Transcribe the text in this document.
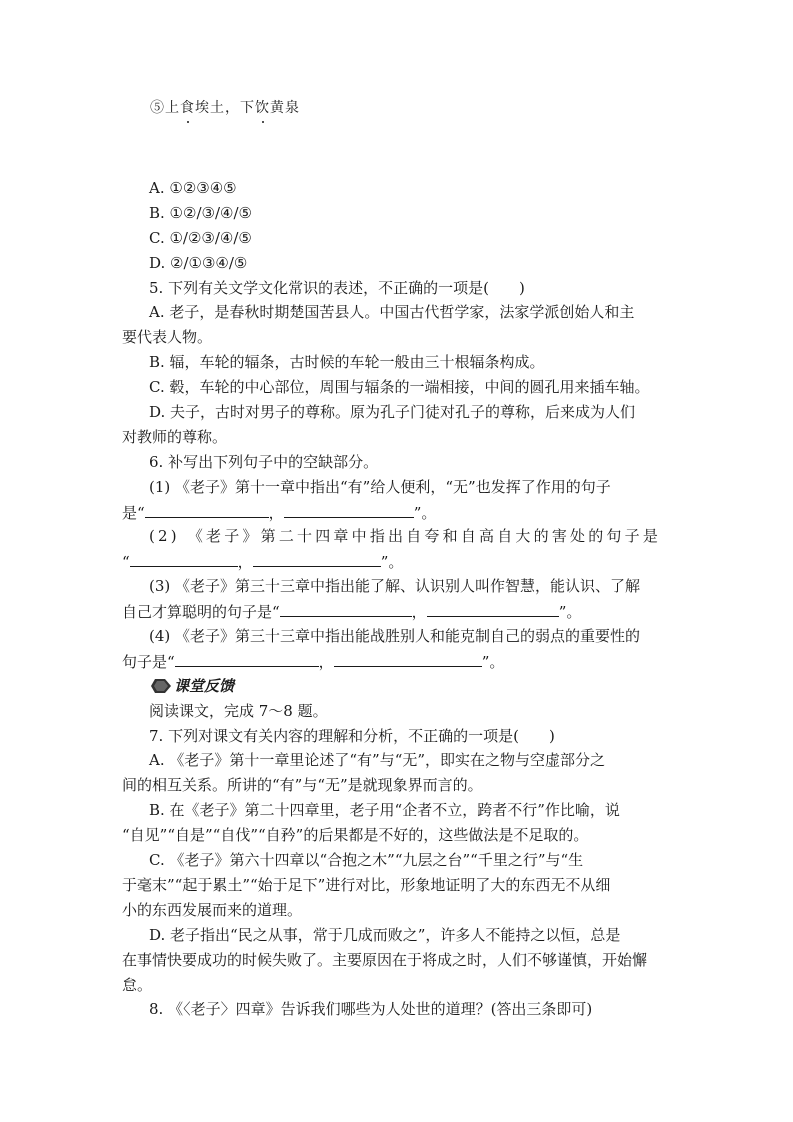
⑤上食埃土，下饮黄泉
A. ①②③④⑤
B. ①②/③/④/⑤
C. ①/②③/④/⑤
D. ②/①③④/⑤
5. 下列有关文学文化常识的表述，不正确的一项是( )
A. 老子，是春秋时期楚国苦县人。中国古代哲学家，法家学派创始人和主
要代表人物。
B. 辐，车轮的辐条，古时候的车轮一般由三十根辐条构成。
C. 毂，车轮的中心部位，周围与辐条的一端相接，中间的圆孔用来插车轴。
D. 夫子，古时对男子的尊称。原为孔子门徒对孔子的尊称，后来成为人们
对教师的尊称。
6. 补写出下列句子中的空缺部分。
(1) 《老子》第十一章中指出“有”给人便利，“无”也发挥了作用的句子
是“	，	”。
(2) 《老子》第二十四章中指出自夸和自高自大的害处的句子是
“	，	”。
(3) 《老子》第三十三章中指出能了解、认识别人叫作智慧，能认识、了解
自己才算聪明的句子是“	，	”。
(4) 《老子》第三十三章中指出能战胜别人和能克制自己的弱点的重要性的
句子是“	，	”。
课堂反馈
阅读课文，完成 7～8 题。
7. 下列对课文有关内容的理解和分析，不正确的一项是( )
A. 《老子》第十一章里论述了“有”与“无”，即实在之物与空虚部分之
间的相互关系。所讲的“有”与“无”是就现象界而言的。
B. 在《老子》第二十四章里，老子用“企者不立，跨者不行”作比喻，说
“自见”“自是”“自伐”“自矜”的后果都是不好的，这些做法是不足取的。
C. 《老子》第六十四章以“合抱之木”“九层之台”“千里之行”与“生
于毫末”“起于累土”“始于足下”进行对比，形象地证明了大的东西无不从细
小的东西发展而来的道理。
D. 老子指出“民之从事，常于几成而败之”，许多人不能持之以恒，总是
在事情快要成功的时候失败了。主要原因在于将成之时，人们不够谨慎，开始懈
怠。
8. 《〈老子〉四章》告诉我们哪些为人处世的道理？(答出三条即可)
